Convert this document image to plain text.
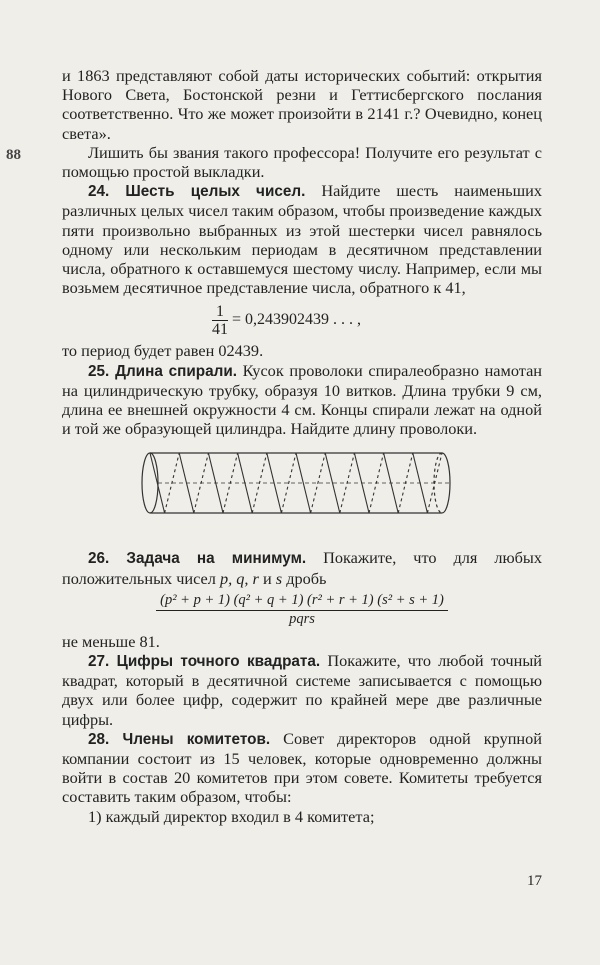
88

и 1863 представляют собой даты исторических событий: открытия Нового Света, Бостонской резни и Геттисбергского послания соответственно. Что же может произойти в 2141 г.? Очевидно, конец света».

Лишить бы звания такого профессора! Получите его результат с помощью простой выкладки.

24. Шесть целых чисел. Найдите шесть наименьших различных целых чисел таким образом, чтобы произведение каждых пяти произвольно выбранных из этой шестерки чисел равнялось одному или нескольким периодам в десятичном представлении числа, обратного к оставшемуся шестому числу. Например, если мы возьмем десятичное представление числа, обратного к 41,

$\frac{1}{41} = 0,243902439$ . . . ,

то период будет равен 02439.

25. Длина спирали. Кусок проволоки спиралеобразно намотан на цилиндрическую трубку, образуя 10 витков. Длина трубки 9 см, длина ее внешней окружности 4 см. Концы спирали лежат на одной и той же образующей цилиндра. Найдите длину проволоки.

26. Задача на минимум. Покажите, что для любых положительных чисел p, q, r и s дробь

$\frac{\text{(p² + p + 1) (q² + q + 1) (r² + r + 1) (s² + s + 1)}}{\text{pqrs}}$

не меньше 81.

27. Цифры точного квадрата. Покажите, что любой точный квадрат, который в десятичной системе записывается с помощью двух или более цифр, содержит по крайней мере две различные цифры.

28. Члены комитетов. Совет директоров одной крупной компании состоит из 15 человек, которые одновременно должны войти в состав 20 комитетов при этом совете. Комитеты требуется составить таким образом, чтобы:

1) каждый директор входил в 4 комитета;

17
